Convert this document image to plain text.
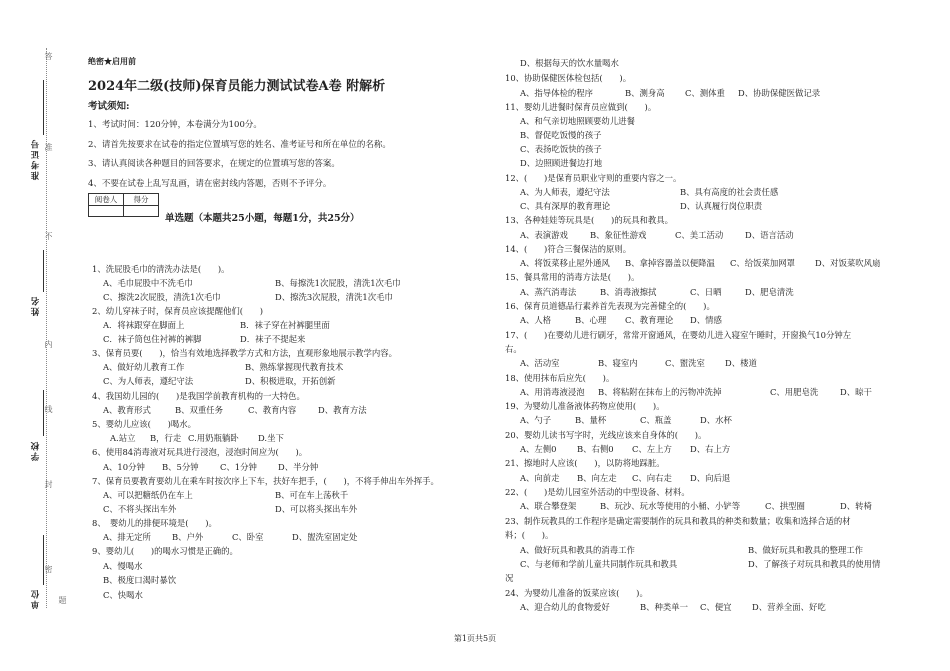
答
准
不
内
线
封
密
题
准考证号
姓名
学校
单位
绝密★启用前
2024年二级(技师)保育员能力测试试卷A卷 附解析
考试须知:
1、考试时间：120分钟，本卷满分为100分。
2、请首先按要求在试卷的指定位置填写您的姓名、准考证号和所在单位的名称。
3、请认真阅读各种题目的回答要求，在规定的位置填写您的答案。
4、不要在试卷上乱写乱画，请在密封线内答题，否则不予评分。
阅卷人	得分

单选题（本题共25小题，每题1分，共25分）
1、洗屁股毛巾的清洗办法是(　　)。
A、毛巾屁股中不洗毛巾	B、每擦洗1次屁股，清洗1次毛巾
C、擦洗2次屁股，清洗1次毛巾	D、擦洗3次屁股，清洗1次毛巾
2、幼儿穿袜子时，保育员应该提醒他们(　　)
A．将袜跟穿在脚面上	B．袜子穿在衬裤腿里面
C．袜子筒包住衬裤的裤脚	D．袜子不提起来
3、保育员要(　　)，恰当有效地选择教学方式和方法，直观形象地展示教学内容。
A、做好幼儿教育工作	B、熟练掌握现代教育技术
C、为人师表，遵纪守法	D、积极进取，开拓创新
4、我国幼儿园的(　　)是我国学前教育机构的一大特色。
A、教育形式	B、双重任务	C、教育内容	D、教育方法
5、婴幼儿应该(　　)喝水。
A.站立 B，行走 C.用奶瓶躺卧 D.坐下
6、使用84消毒液对玩具进行浸泡，浸泡时间应为(　　)。
A、10分钟 B、5分钟	C、1分钟	D、半分钟
7、保育员要教育要幼儿在乘车时按次序上下车，扶好车把手，(　　)，不将手伸出车外挥手。
A、可以把糖纸仍在车上	B、可在车上荡秋千
C、不将头探出车外	D、可以将头探出车外
8、　婴幼儿的排便环境是(　　)。
A、排无定所	B、户外	C、卧室	D、盥洗室固定处
9、婴幼儿(　　)的喝水习惯是正确的。
A、慢喝水
B、极度口渴时暴饮
C、快喝水
D、根据每天的饮水量喝水
10、协助保健医体检包括(　　)。
A、指导体检的程序	B、测身高 C、测体重 D、协助保健医做记录
11、婴幼儿进餐时保育员应做到(　　)。
A、和气亲切地照顾要幼儿进餐
B、督促吃饭慢的孩子
C、表扬吃饭快的孩子
D、边照顾进餐边打地
12、(　　)是保育员职业守则的重要内容之一。
A、为人师表，遵纪守法	B、具有高度的社会责任感
C、具有深厚的教育理论	D、认真履行岗位职责
13、各种娃娃等玩具是(　　)的玩具和教具。
A、表演游戏	B、象征性游戏	C、美工活动	D、语言活动
14、(　　)符合三餐保洁的原则。
A、将饭菜移止屋外通风 B、拿掉容器盖以便降温 C、给饭菜加网罩 D、对饭菜吹风扇
15、餐具常用的消毒方法是(　　)。
A、蒸汽消毒法	B、消毒液擦拭	C、日晒	D、肥皂清洗
16、保育员道德品行素养首先表现为完善健全的(　　)。
A、人格	B、心理 C、教育理论 D、情感
17、(　　)在婴幼儿进行刷牙，常常开窗通风，在婴幼儿进入寝室午睡时，开窗换气10分钟左
右。
A、活动室	B、寝室内	C、盥洗室 D、楼道
18、使用抹布后应先(　　)。
A、用消毒液浸泡 B、将粘附在抹布上的污物冲洗掉	C、用肥皂洗	D、晾干
19、为婴幼儿准备液体药物应使用(　　)。
A、勺子	B、量杯	C、瓶盖	D、水杯
20、婴幼儿读书写字时，光线应该来自身体的(　　)。
A、左侧0 B、右侧0 C、左上方 D、右上方
21、擦地时人应该(　　)，以防将地踩脏。
A、向前走 B、向左走 C、向右走 D、向后退
22、(　　)是幼儿园室外活动的中型设备、材料。
A、联合攀登架	B、玩沙、玩水等使用的小桶、小铲等	C、拱型圈	D、转椅
23、制作玩教具的工作程序是确定需要制作的玩具和教具的种类和数量；收集和选择合适的材
料；(　　)。
A、做好玩具和教具的消毒工作	B、做好玩具和教具的整理工作
C、与老师和学前儿童共同制作玩具和教具	D、了解孩子对玩具和教具的使用情
况
24、为婴幼儿准备的饭菜应该(　　)。
A、迎合幼儿的食物爱好	B、种类单一 C、便宜 D、营养全面、好吃
第1页共5页
